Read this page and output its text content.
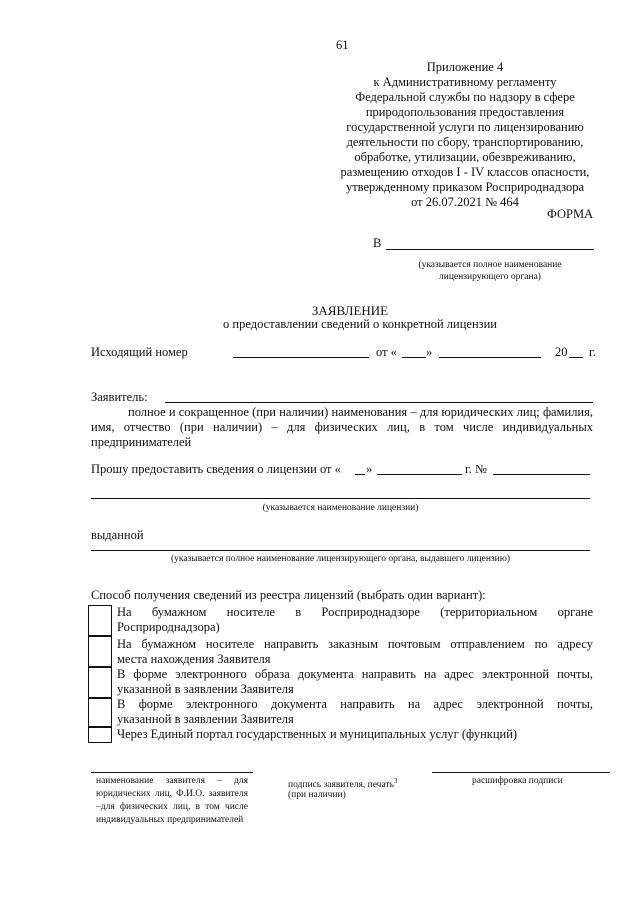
61
Приложение 4
к Административному регламенту
Федеральной службы по надзору в сфере
природопользования предоставления
государственной услуги по лицензированию
деятельности по сбору, транспортированию,
обработке, утилизации, обезвреживанию,
размещению отходов I - IV классов опасности,
утвержденному приказом Росприроднадзора
от 26.07.2021 № 464
ФОРМА
В
(указывается полное наименование
лицензирующего органа)
ЗАЯВЛЕНИЕ
о предоставлении сведений о конкретной лицензии
Исходящий номер	от « »	20 г.
Заявитель:
полное и сокращенное (при наличии) наименования – для юридических лиц; фамилия, имя, отчество (при наличии) – для физических лиц, в том числе индивидуальных предпринимателей
Прошу предоставить сведения о лицензии от « »	г. №
(указывается наименование лицензии)
выданной
(указывается полное наименование лицензирующего органа, выдавшего лицензию)
Способ получения сведений из реестра лицензий (выбрать один вариант):
На бумажном носителе в Росприроднадзоре (территориальном органе
Росприроднадзора)
На бумажном носителе направить заказным почтовым отправлением по адресу
места нахождения Заявителя
В форме электронного образа документа направить на адрес электронной почты,
указанной в заявлении Заявителя
В форме электронного документа направить на адрес электронной почты,
указанной в заявлении Заявителя
Через Единый портал государственных и муниципальных услуг (функций)
наименование заявителя – для юридических лиц, Ф.И.О. заявителя –для физических лиц, в том числе индивидуальных предпринимателей
подпись заявителя, печать$^3$
(при наличии)
расшифровка подписи
